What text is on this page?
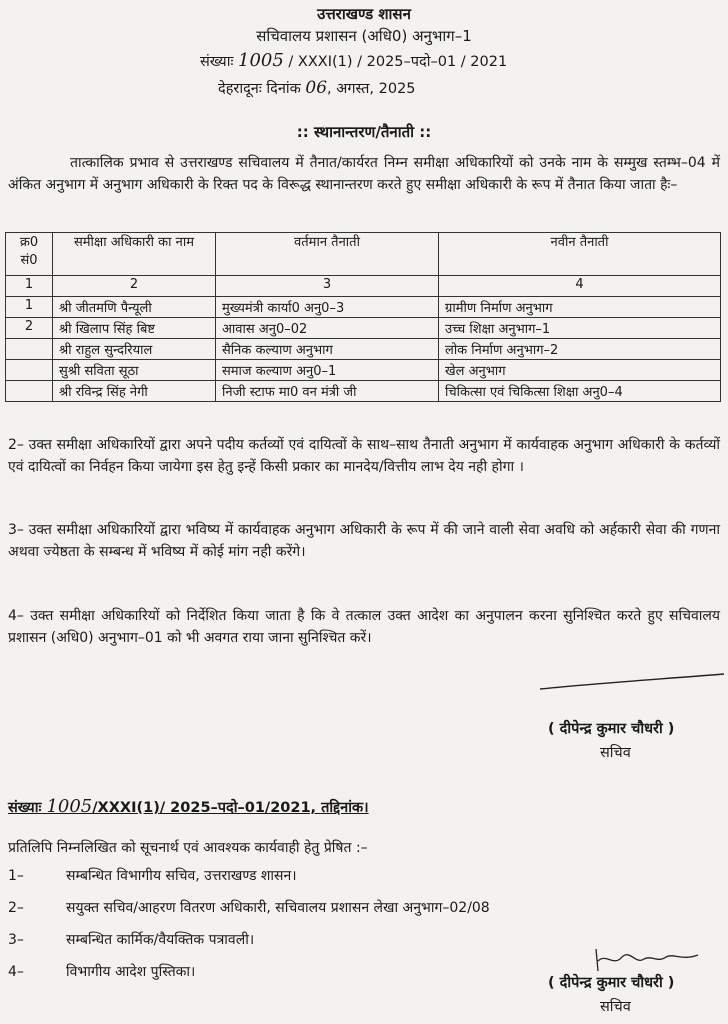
उत्तराखण्ड शासन
सचिवालय प्रशासन (अधि0) अनुभाग–1
संख्याः 1005 / XXXI(1) / 2025–पदो–01 / 2021
देहरादूनः दिनांक 06, अगस्त, 2025
:: स्थानान्तरण/तैनाती ::
तात्कालिक प्रभाव से उत्तराखण्ड सचिवालय में तैनात/कार्यरत निम्न समीक्षा अधिकारियों को उनके नाम के सम्मुख स्तम्भ–04 में अंकित अनुभाग में अनुभाग अधिकारी के रिक्त पद के विरूद्ध स्थानान्तरण करते हुए समीक्षा अधिकारी के रूप में तैनात किया जाता हैः–
क्र0 सं0	समीक्षा अधिकारी का नाम	वर्तमान तैनाती	नवीन तैनाती
1	2	3	4
1	श्री जीतमणि पैन्यूली	मुख्यमंत्री कार्या0 अनु0–3	ग्रामीण निर्माण अनुभाग
2	श्री खिलाप सिंह बिष्ट	आवास अनु0–02	उच्च शिक्षा अनुभाग–1
	श्री राहुल सुन्दरियाल	सैनिक कल्याण अनुभाग	लोक निर्माण अनुभाग–2
	सुश्री सविता सूठा	समाज कल्याण अनु0–1	खेल अनुभाग
	श्री रविन्द्र सिंह नेगी	निजी स्टाफ मा0 वन मंत्री जी	चिकित्सा एवं चिकित्सा शिक्षा अनु0–4
2– उक्त समीक्षा अधिकारियों द्वारा अपने पदीय कर्तव्यों एवं दायित्वों के साथ–साथ तैनाती अनुभाग में कार्यवाहक अनुभाग अधिकारी के कर्तव्यों एवं दायित्वों का निर्वहन किया जायेगा इस हेतु इन्हें किसी प्रकार का मानदेय/वित्तीय लाभ देय नही होगा ।
3– उक्त समीक्षा अधिकारियों द्वारा भविष्य में कार्यवाहक अनुभाग अधिकारी के रूप में की जाने वाली सेवा अवधि को अर्हकारी सेवा की गणना अथवा ज्येष्ठता के सम्बन्ध में भविष्य में कोई मांग नही करेंगे।
4– उक्त समीक्षा अधिकारियों को निर्देशित किया जाता है कि वे तत्काल उक्त आदेश का अनुपालन करना सुनिश्चित करते हुए सचिवालय प्रशासन (अधि0) अनुभाग–01 को भी अवगत राया जाना सुनिश्चित करें।
( दीपेन्द्र कुमार चौधरी )
सचिव
संख्याः 1005/XXXI(1)/ 2025–पदो–01/2021, तद्दिनांक।
प्रतिलिपि निम्नलिखित को सूचनार्थ एवं आवश्यक कार्यवाही हेतु प्रेषित :–
1–	सम्बन्धित विभागीय सचिव, उत्तराखण्ड शासन।
2–	सयुक्त सचिव/आहरण वितरण अधिकारी, सचिवालय प्रशासन लेखा अनुभाग–02/08
3–	सम्बन्धित कार्मिक/वैयक्तिक पत्रावली।
4–	विभागीय आदेश पुस्तिका।
( दीपेन्द्र कुमार चौधरी )
सचिव
